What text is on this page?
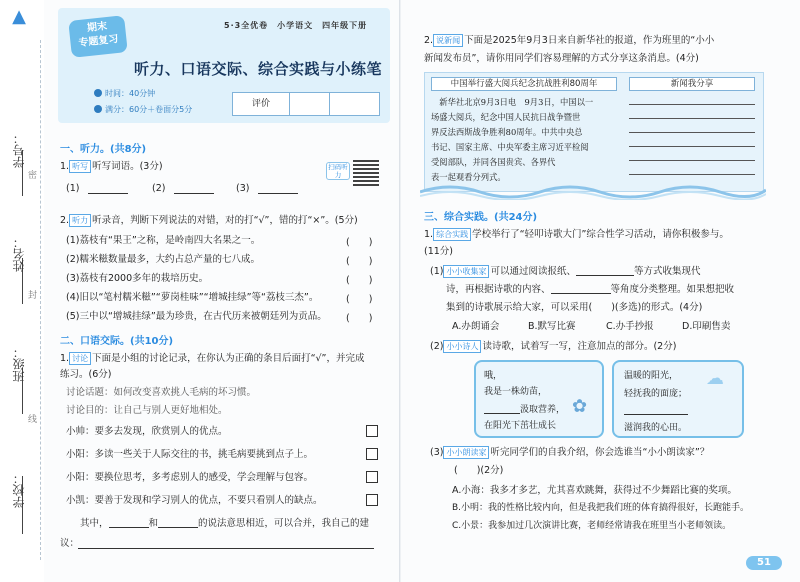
▲
学号：
姓名：
班级：
学校：
密
封
线
期末
专题复习
5·3全优卷　小学语文　四年级下册
听力、口语交际、综合实践与小练笔
时间：40分钟
满分：60分＋卷面分5分
评价
一、听力。(共8分)
1. 听写 听写词语。(3分)	扫码听力
(1)	(2)	(3)
2. 听力 听录音，判断下列说法的对错，对的打“√”，错的打“×”。(5分)
(1)荔枝有“果王”之称，是岭南四大名果之一。	(　　)
(2)糯米糍数量最多，大约占总产量的七八成。	(　　)
(3)荔枝有2000多年的栽培历史。	(　　)
(4)旧以“笔村糯米糍”“萝岗桂味”“增城挂绿”等“荔枝三杰”。	(　　)
(5)三中以“增城挂绿”最为珍贵，在古代历来被朝廷列为贡品。 (　　)
二、口语交际。(共10分)
1. 讨论 下面是小组的讨论记录，在你认为正确的条目后面打“√”，并完成
练习。(6分)
讨论话题：如何改变喜欢挑人毛病的坏习惯。
讨论目的：让自己与别人更好地相处。
小帅：要多去发现，欣赏别人的优点。
小阳：多读一些关于人际交往的书，挑毛病要挑到点子上。
小阳：要换位思考，多考虑别人的感受，学会理解与包容。
小凯：要善于发现和学习别人的优点，不要只看别人的缺点。
其中，	和	的说法意思相近，可以合并，我自己的建
议：
2. 说新闻 下面是2025年9月3日来自新华社的报道，作为班里的“小小
新闻发布员”，请你用同学们容易理解的方式分享这条消息。(4分)
中国举行盛大阅兵纪念抗战胜利80周年
　新华社北京9月3日电　9月3日，中国以一
场盛大阅兵，纪念中国人民抗日战争暨世
界反法西斯战争胜利80周年。中共中央总
书记、国家主席、中央军委主席习近平检阅
受阅部队，并同各国贵宾、各界代
表一起观看分列式。
新闻我分享
三、综合实践。(共24分)
1. 综合实践 学校举行了“轻叩诗歌大门”综合性学习活动，请你积极参与。
(11分)
(1) 小小收集家 可以通过阅读报纸、	等方式收集现代
诗，再根据诗歌的内容、	等角度分类整理。如果想把收
集到的诗歌展示给大家，可以采用(　　)(多选)的形式。(4分)
A.办朗诵会	B.默写比赛	C.办手抄报	D.印刷售卖
(2) 小小诗人 读诗歌，试着写一写，注意加点的部分。(2分)
哦，
我是一株幼苗，
汲取营养，
在阳光下茁壮成长
✿
温暖的阳光，
轻抚我的面庞；
滋润我的心田。
☁
(3) 小小朗读家 听完同学们的自我介绍，你会选谁当“小小朗读家”？
(　　)(2分)
A.小海：我多才多艺，尤其喜欢跳舞，获得过不少舞蹈比赛的奖项。
B.小明：我的性格比较内向，但是我把我们班的体育搞得很好，长跑能手。
C.小景：我参加过几次演讲比赛，老师经常请我在班里当小老师领读。
51
